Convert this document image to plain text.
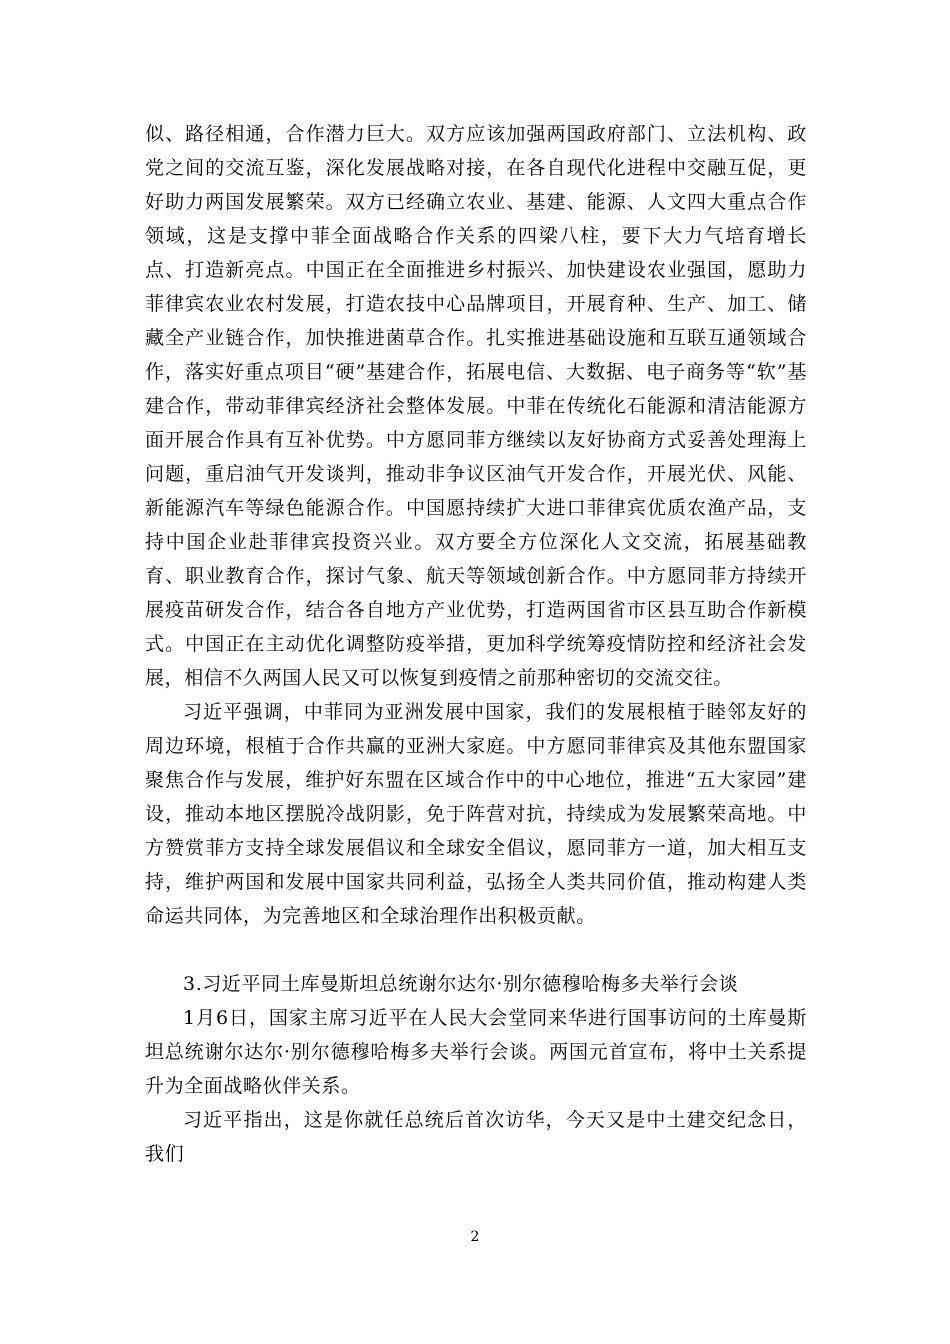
似、路径相通，合作潜力巨大。双方应该加强两国政府部门、立法机构、政党之间的交流互鉴，深化发展战略对接，在各自现代化进程中交融互促，更好助力两国发展繁荣。双方已经确立农业、基建、能源、人文四大重点合作领域，这是支撑中菲全面战略合作关系的四梁八柱，要下大力气培育增长点、打造新亮点。中国正在全面推进乡村振兴、加快建设农业强国，愿助力菲律宾农业农村发展，打造农技中心品牌项目，开展育种、生产、加工、储藏全产业链合作，加快推进菌草合作。扎实推进基础设施和互联互通领域合作，落实好重点项目“硬”基建合作，拓展电信、大数据、电子商务等“软”基建合作，带动菲律宾经济社会整体发展。中菲在传统化石能源和清洁能源方面开展合作具有互补优势。中方愿同菲方继续以友好协商方式妥善处理海上问题，重启油气开发谈判，推动非争议区油气开发合作，开展光伏、风能、新能源汽车等绿色能源合作。中国愿持续扩大进口菲律宾优质农渔产品，支持中国企业赴菲律宾投资兴业。双方要全方位深化人文交流，拓展基础教育、职业教育合作，探讨气象、航天等领域创新合作。中方愿同菲方持续开展疫苗研发合作，结合各自地方产业优势，打造两国省市区县互助合作新模式。中国正在主动优化调整防疫举措，更加科学统筹疫情防控和经济社会发展，相信不久两国人民又可以恢复到疫情之前那种密切的交流交往。

习近平强调，中菲同为亚洲发展中国家，我们的发展根植于睦邻友好的周边环境，根植于合作共赢的亚洲大家庭。中方愿同菲律宾及其他东盟国家聚焦合作与发展，维护好东盟在区域合作中的中心地位，推进“五大家园”建设，推动本地区摆脱冷战阴影，免于阵营对抗，持续成为发展繁荣高地。中方赞赏菲方支持全球发展倡议和全球安全倡议，愿同菲方一道，加大相互支持，维护两国和发展中国家共同利益，弘扬全人类共同价值，推动构建人类命运共同体，为完善地区和全球治理作出积极贡献。

3.习近平同土库曼斯坦总统谢尔达尔·别尔德穆哈梅多夫举行会谈

1月6日，国家主席习近平在人民大会堂同来华进行国事访问的土库曼斯坦总统谢尔达尔·别尔德穆哈梅多夫举行会谈。两国元首宣布，将中土关系提升为全面战略伙伴关系。

习近平指出，这是你就任总统后首次访华，今天又是中土建交纪念日，我们

2
